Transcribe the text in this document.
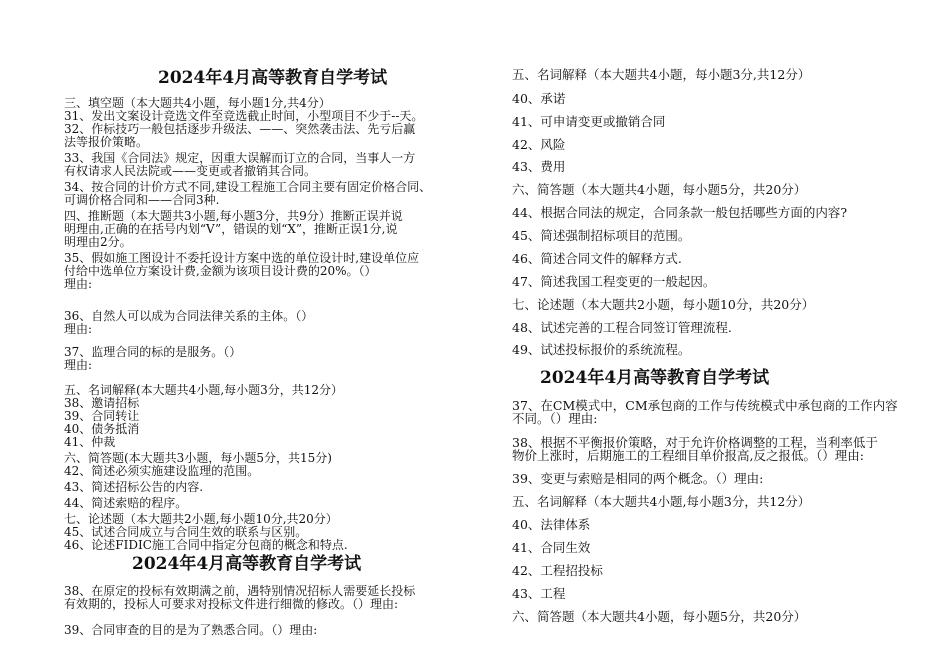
2024年4月高等教育自学考试
三、填空题（本大题共4小题，每小题1分,共4分）
31、发出文案设计竞选文件至竞选截止时间，小型项目不少于--天。
32、作标技巧一般包括逐步升级法、——、突然袭击法、先亏后赢
法等报价策略。
33、我国《合同法》规定，因重大误解而订立的合同，当事人一方
有权请求人民法院或——变更或者撤销其合同。
34、按合同的计价方式不同,建设工程施工合同主要有固定价格合同、
可调价格合同和——合同3种.
四、推断题（本大题共3小题,每小题3分，共9分）推断正误并说
明理由,正确的在括号内划“V”，错误的划“X”，推断正误1分,说
明理由2分。
35、假如施工图设计不委托设计方案中选的单位设计时,建设单位应
付给中选单位方案设计费,金额为该项目设计费的20%。（）
理由:
36、自然人可以成为合同法律关系的主体。（）
理由:
37、监理合同的标的是服务。（）
理由:
五、名词解释(本大题共4小题,每小题3分，共12分）
38、邀请招标
39、合同转让
40、债务抵消
41、仲裁
六、简答题(本大题共3小题，每小题5分，共15分)
42、简述必须实施建设监理的范围。
43、简述招标公告的内容.
44、简述索赔的程序。
七、论述题（本大题共2小题,每小题10分,共20分）
45、试述合同成立与合同生效的联系与区别。
46、论述FIDIC施工合同中指定分包商的概念和特点.
2024年4月高等教育自学考试
38、在原定的投标有效期满之前，遇特别情况招标人需要延长投标
有效期的，投标人可要求对投标文件进行细微的修改。（）理由:
39、合同审查的目的是为了熟悉合同。（）理由:
五、名词解释（本大题共4小题，每小题3分,共12分）
40、承诺
41、可申请变更或撤销合同
42、风险
43、费用
六、简答题（本大题共4小题，每小题5分，共20分）
44、根据合同法的规定，合同条款一般包括哪些方面的内容?
45、简述强制招标项目的范围。
46、简述合同文件的解释方式.
47、简述我国工程变更的一般起因。
七、论述题（本大题共2小题，每小题10分，共20分）
48、试述完善的工程合同签订管理流程.
49、试述投标报价的系统流程。
2024年4月高等教育自学考试
37、在CM模式中，CM承包商的工作与传统模式中承包商的工作内容
不同。（）理由:
38、根据不平衡报价策略，对于允许价格调整的工程，当利率低于
物价上涨时，后期施工的工程细目单价报高,反之报低。（）理由:
39、变更与索赔是相同的两个概念。（）理由:
五、名词解释（本大题共4小题,每小题3分，共12分）
40、法律体系
41、合同生效
42、工程招投标
43、工程
六、简答题（本大题共4小题，每小题5分，共20分）
